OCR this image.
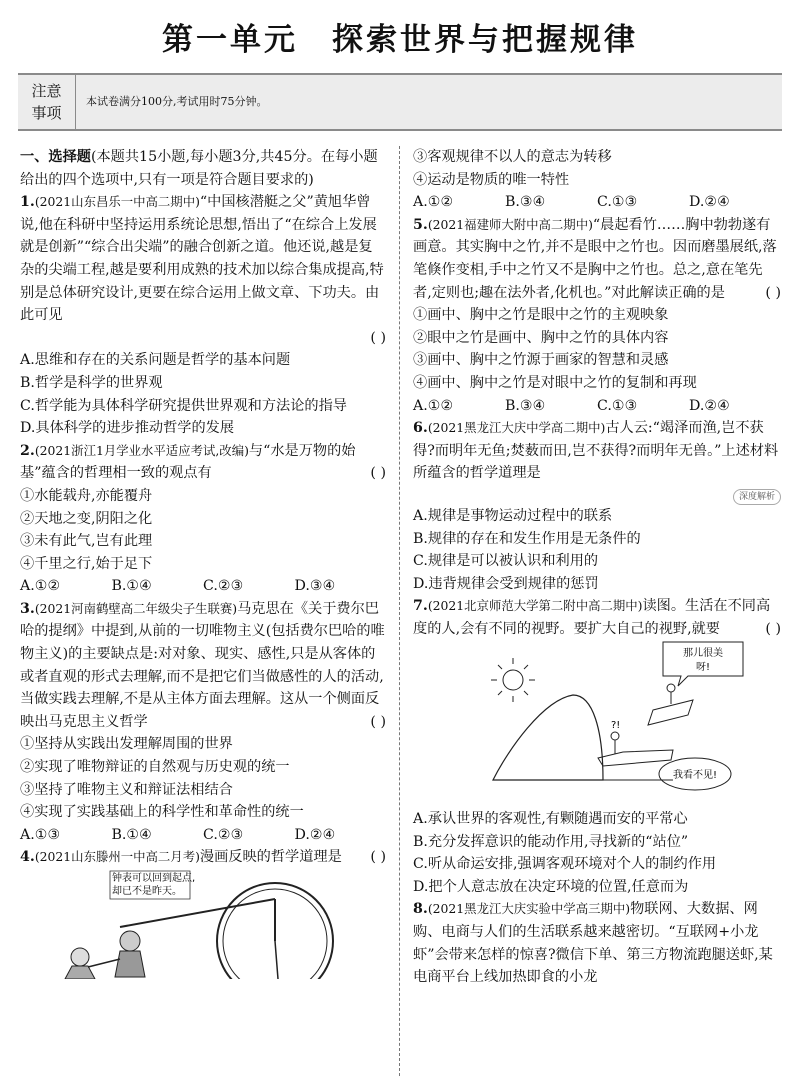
第一单元 探索世界与把握规律
注意
事项
本试卷满分100分,考试用时75分钟。

一、选择题(本题共15小题,每小题3分,共45分。在每小题给出的四个选项中,只有一项是符合题目要求的)

1.(2021山东昌乐一中高二期中)“中国核潜艇之父”黄旭华曾说,他在科研中坚持运用系统论思想,悟出了“在综合上发展就是创新”“综合出尖端”的融合创新之道。他还说,越是复杂的尖端工程,越是要利用成熟的技术加以综合集成提高,特别是总体研究设计,更要在综合运用上做文章、下功夫。由此可见

( )

A.思维和存在的关系问题是哲学的基本问题

B.哲学是科学的世界观

C.哲学能为具体科学研究提供世界观和方法论的指导

D.具体科学的进步推动哲学的发展

2.(2021浙江1月学业水平适应考试,改编)与“水是万物的始基”蕴含的哲理相一致的观点有	( )

①水能载舟,亦能覆舟

②天地之变,阴阳之化

③未有此气,岂有此理

④千里之行,始于足下

A.①②	B.①④	C.②③	D.③④

3.(2021河南鹤壁高二年级尖子生联赛)马克思在《关于费尔巴哈的提纲》中提到,从前的一切唯物主义(包括费尔巴哈的唯物主义)的主要缺点是:对对象、现实、感性,只是从客体的或者直观的形式去理解,而不是把它们当做感性的人的活动,当做实践去理解,不是从主体方面去理解。这从一个侧面反映出马克思主义哲学	( )

①坚持从实践出发理解周围的世界

②实现了唯物辩证的自然观与历史观的统一

③坚持了唯物主义和辩证法相结合

④实现了实践基础上的科学性和革命性的统一

A.①③	B.①④	C.②③	D.②④

4.(2021山东滕州一中高二月考)漫画反映的哲学道理是 ( )

钟表可以回到起点,
却已不是昨天。

③客观规律不以人的意志为转移

④运动是物质的唯一特性

A.①②	B.③④	C.①③	D.②④

5.(2021福建师大附中高二期中)“晨起看竹……胸中勃勃遂有画意。其实胸中之竹,并不是眼中之竹也。因而磨墨展纸,落笔倏作变相,手中之竹又不是胸中之竹也。总之,意在笔先者,定则也;趣在法外者,化机也。”对此解读正确的是	( )

①画中、胸中之竹是眼中之竹的主观映象

②眼中之竹是画中、胸中之竹的具体内容

③画中、胸中之竹源于画家的智慧和灵感

④画中、胸中之竹是对眼中之竹的复制和再现

A.①②	B.③④	C.①③	D.②④

6.(2021黑龙江大庆中学高二期中)古人云:“竭泽而渔,岂不获得?而明年无鱼;焚薮而田,岂不获得?而明年无兽。”上述材料所蕴含的哲学道理是

深度解析

A.规律是事物运动过程中的联系

B.规律的存在和发生作用是无条件的

C.规律是可以被认识和利用的

D.违背规律会受到规律的惩罚

7.(2021北京师范大学第二附中高二期中)读图。生活在不同高度的人,会有不同的视野。要扩大自己的视野,就要	( )

那儿很美
呀!
?!
我看不见!

A.承认世界的客观性,有颗随遇而安的平常心

B.充分发挥意识的能动作用,寻找新的“站位”

C.听从命运安排,强调客观环境对个人的制约作用

D.把个人意志放在决定环境的位置,任意而为

8.(2021黑龙江大庆实验中学高三期中)物联网、大数据、网购、电商与人们的生活联系越来越密切。“互联网+小龙虾”会带来怎样的惊喜?微信下单、第三方物流跑腿送虾,某电商平台上线加热即食的小龙
